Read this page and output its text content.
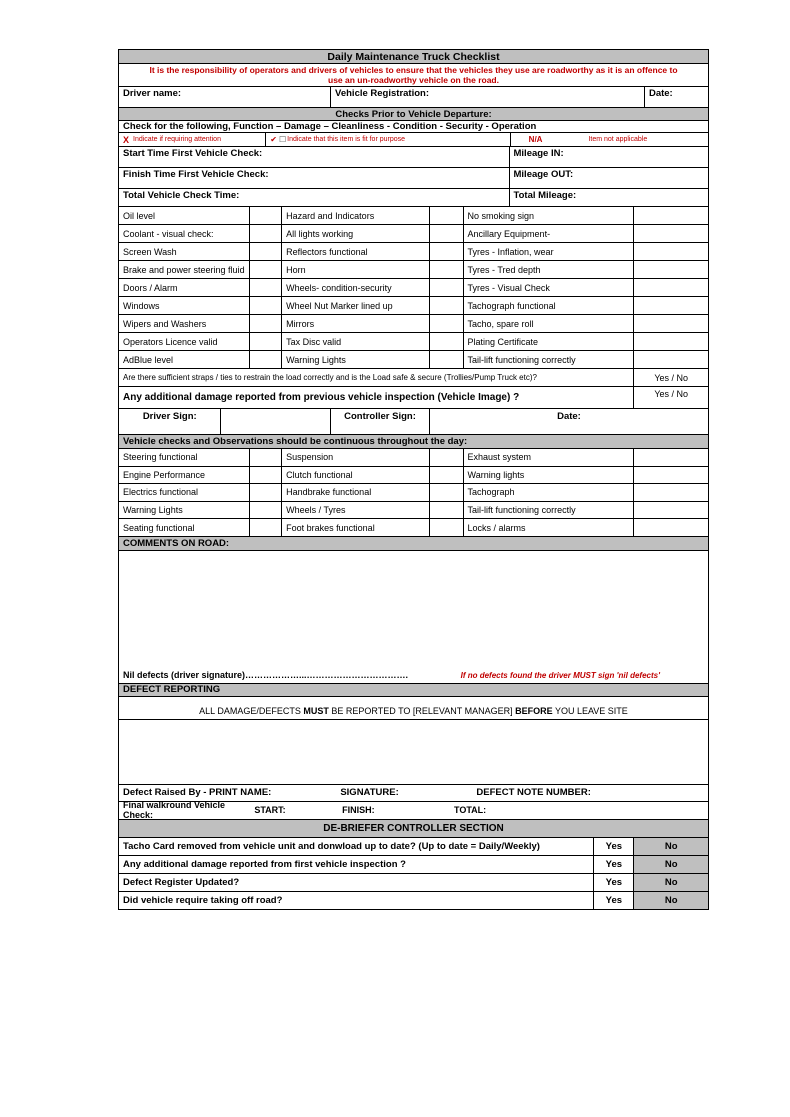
Daily Maintenance Truck Checklist
It is the responsibility of operators and drivers of vehicles to ensure that the vehicles they use are roadworthy as it is an offence to use an un-roadworthy vehicle on the road.
Driver name:	Vehicle Registration:	Date:
Checks Prior to Vehicle Departure:
Check for the following, Function – Damage – Cleanliness - Condition - Security - Operation
X Indicate if requiring attention	✔ ☐ Indicate that this item is fit for purpose	N/A	Item not applicable
Start Time First Vehicle Check:	Mileage IN:
Finish Time First Vehicle Check:	Mileage OUT:
Total Vehicle Check Time:	Total Mileage:
Oil level	Hazard and Indicators	No smoking sign
Coolant - visual check:	All lights working	Ancillary Equipment-
Screen Wash	Reflectors functional	Tyres - Inflation, wear
Brake and power steering fluid	Horn	Tyres - Tred depth
Doors / Alarm	Wheels- condition-security	Tyres - Visual Check
Windows	Wheel Nut Marker lined up	Tachograph functional
Wipers and Washers	Mirrors	Tacho, spare roll
Operators Licence valid	Tax Disc valid	Plating Certificate
AdBlue level	Warning Lights	Tail-lift functioning correctly
Are there sufficient straps / ties to restrain the load correctly and is the Load safe & secure (Trollies/Pump Truck etc)?	Yes / No
Any additional damage reported from previous vehicle inspection (Vehicle Image) ?	Yes / No
Driver Sign:	Controller Sign:	Date:
Vehicle checks and Observations should be continuous throughout the day:
Steering functional	Suspension	Exhaust system
Engine Performance	Clutch functional	Warning lights
Electrics functional	Handbrake functional	Tachograph
Warning Lights	Wheels / Tyres	Tail-lift functioning correctly
Seating functional	Foot brakes functional	Locks / alarms
COMMENTS ON ROAD:
Nil defects (driver signature)………………...…………………………….	If no defects found the driver MUST sign 'nil defects'
DEFECT REPORTING
ALL DAMAGE/DEFECTS MUST BE REPORTED TO [RELEVANT MANAGER] BEFORE YOU LEAVE SITE
Defect Raised By - PRINT NAME:	SIGNATURE:	DEFECT NOTE NUMBER:
Final walkround Vehicle Check:	START:	FINISH:	TOTAL:
DE-BRIEFER CONTROLLER SECTION
Tacho Card removed from vehicle unit and donwload up to date? (Up to date = Daily/Weekly)	Yes	No
Any additional damage reported from first vehicle inspection ?	Yes	No
Defect Register Updated?	Yes	No
Did vehicle require taking off road?	Yes	No
